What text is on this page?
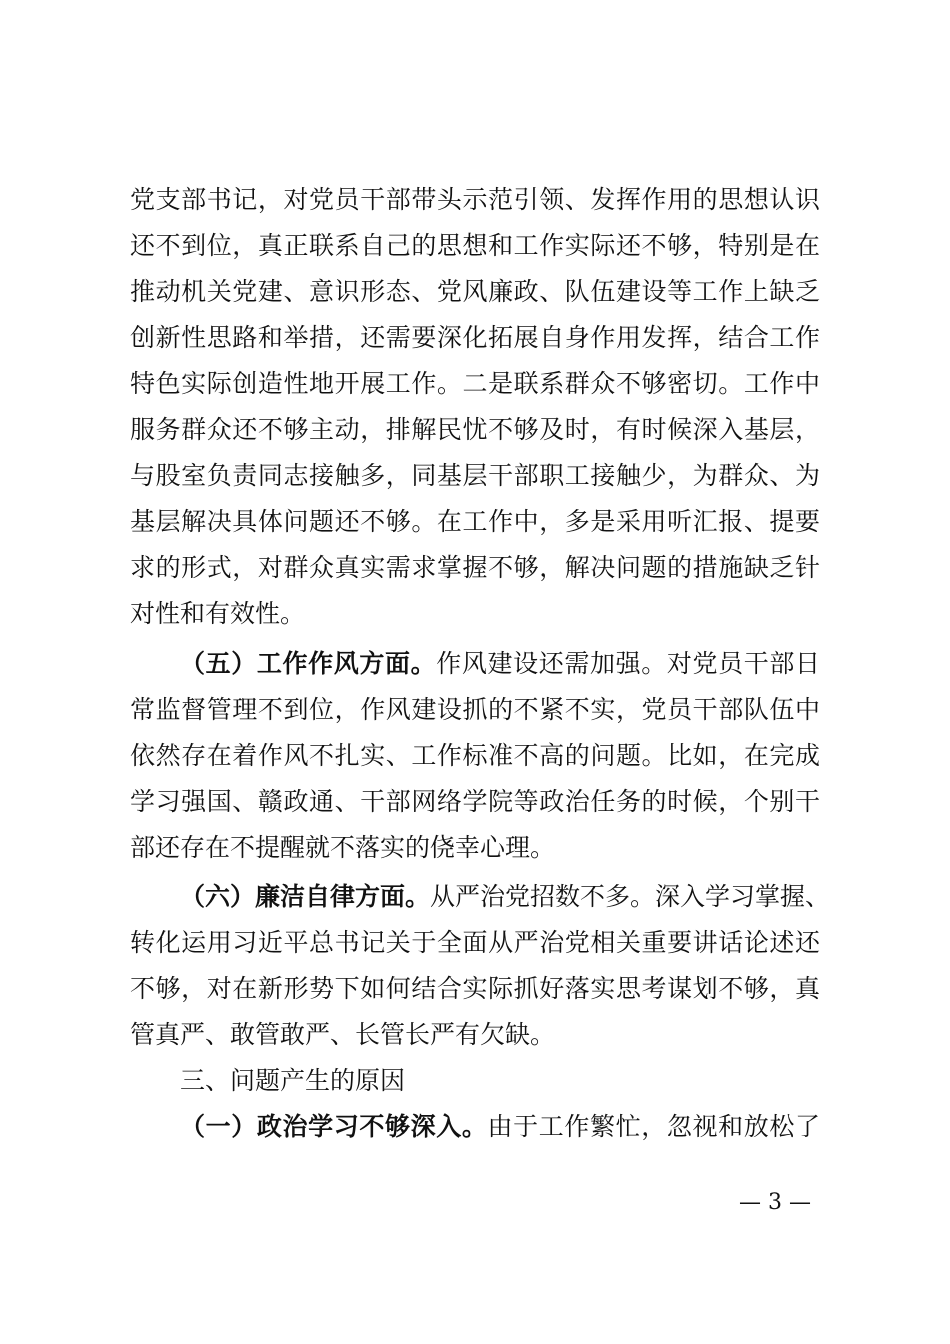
党支部书记，对党员干部带头示范引领、发挥作用的思想认识
还不到位，真正联系自己的思想和工作实际还不够，特别是在
推动机关党建、意识形态、党风廉政、队伍建设等工作上缺乏
创新性思路和举措，还需要深化拓展自身作用发挥，结合工作
特色实际创造性地开展工作。二是联系群众不够密切。工作中
服务群众还不够主动，排解民忧不够及时，有时候深入基层，
与股室负责同志接触多，同基层干部职工接触少，为群众、为
基层解决具体问题还不够。在工作中，多是采用听汇报、提要
求的形式，对群众真实需求掌握不够，解决问题的措施缺乏针
对性和有效性。
（五）工作作风方面。作风建设还需加强。对党员干部日
常监督管理不到位，作风建设抓的不紧不实，党员干部队伍中
依然存在着作风不扎实、工作标准不高的问题。比如，在完成
学习强国、赣政通、干部网络学院等政治任务的时候，个别干
部还存在不提醒就不落实的侥幸心理。
（六）廉洁自律方面。从严治党招数不多。深入学习掌握、
转化运用习近平总书记关于全面从严治党相关重要讲话论述还
不够，对在新形势下如何结合实际抓好落实思考谋划不够，真
管真严、敢管敢严、长管长严有欠缺。
三、问题产生的原因
（一）政治学习不够深入。由于工作繁忙，忽视和放松了
— 3 —
